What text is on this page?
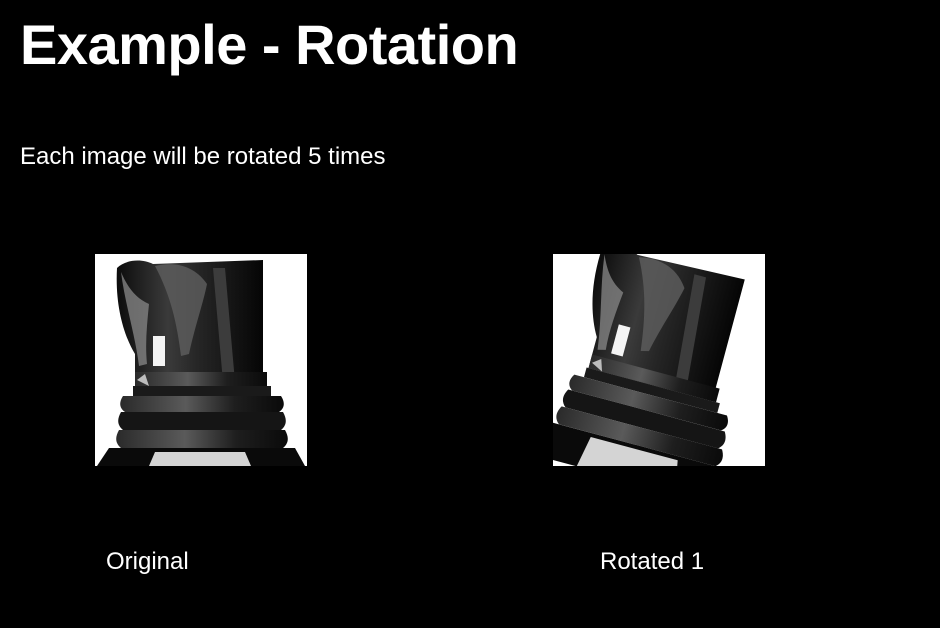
Example - Rotation

Each image will be rotated 5 times

Original	Rotated 1
